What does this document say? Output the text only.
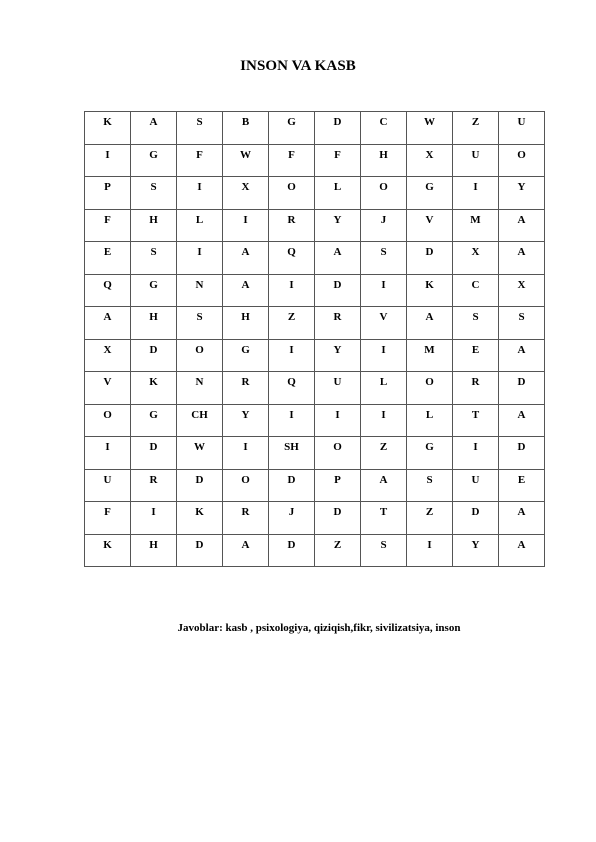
INSON VA KASB
K	A	S	B	G	D	C	W	Z	U
I	G	F	W	F	F	H	X	U	O
P	S	I	X	O	L	O	G	I	Y
F	H	L	I	R	Y	J	V	M	A
E	S	I	A	Q	A	S	D	X	A
Q	G	N	A	I	D	I	K	C	X
A	H	S	H	Z	R	V	A	S	S
X	D	O	G	I	Y	I	M	E	A
V	K	N	R	Q	U	L	O	R	D
O	G	CH	Y	I	I	I	L	T	A
I	D	W	I	SH	O	Z	G	I	D
U	R	D	O	D	P	A	S	U	E
F	I	K	R	J	D	T	Z	D	A
K	H	D	A	D	Z	S	I	Y	A
Javoblar: kasb , psixologiya, qiziqish,fikr, sivilizatsiya, inson
